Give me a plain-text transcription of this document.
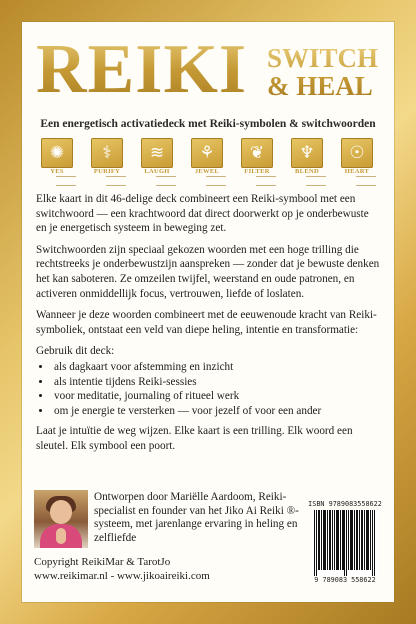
REIKI SWITCH
& HEAL
Een energetisch activatiedeck met Reiki-symbolen & switchwoorden
✺
YES
⚕
PURIFY
≋
LAUGH
⚘
JEWEL
❦
FILTER
♆
BLEND
☉
HEART

Elke kaart in dit 46-delige deck combineert een Reiki-symbool met een switchwoord — een krachtwoord dat direct doorwerkt op je onderbewuste en je energetisch systeem in beweging zet.

Switchwoorden zijn speciaal gekozen woorden met een hoge trilling die rechtstreeks je onderbewustzijn aanspreken — zonder dat je bewuste denken het kan saboteren. Ze omzeilen twijfel, weerstand en oude patronen, en activeren onmiddellijk focus, vertrouwen, liefde of loslaten.

Wanneer je deze woorden combineert met de eeuwenoude kracht van Reiki-symboliek, ontstaat een veld van diepe heling, intentie en transformatie:

Gebruik dit deck:

• als dagkaart voor afstemming en inzicht
• als intentie tijdens Reiki-sessies
• voor meditatie, journaling of ritueel werk
• om je energie te versterken — voor jezelf of voor een ander

Laat je intuïtie de weg wijzen. Elke kaart is een trilling. Elk woord een sleutel. Elk symbool een poort.

Ontworpen door Mariëlle Aardoom, Reiki-specialist en founder van het Jiko Ai Reiki ®-systeem, met jarenlange ervaring in heling en zelfliefde
Copyright ReikiMar & TarotJo
www.reikimar.nl - www.jikoaireiki.com
ISBN 9789083558622
9 789083 558622
